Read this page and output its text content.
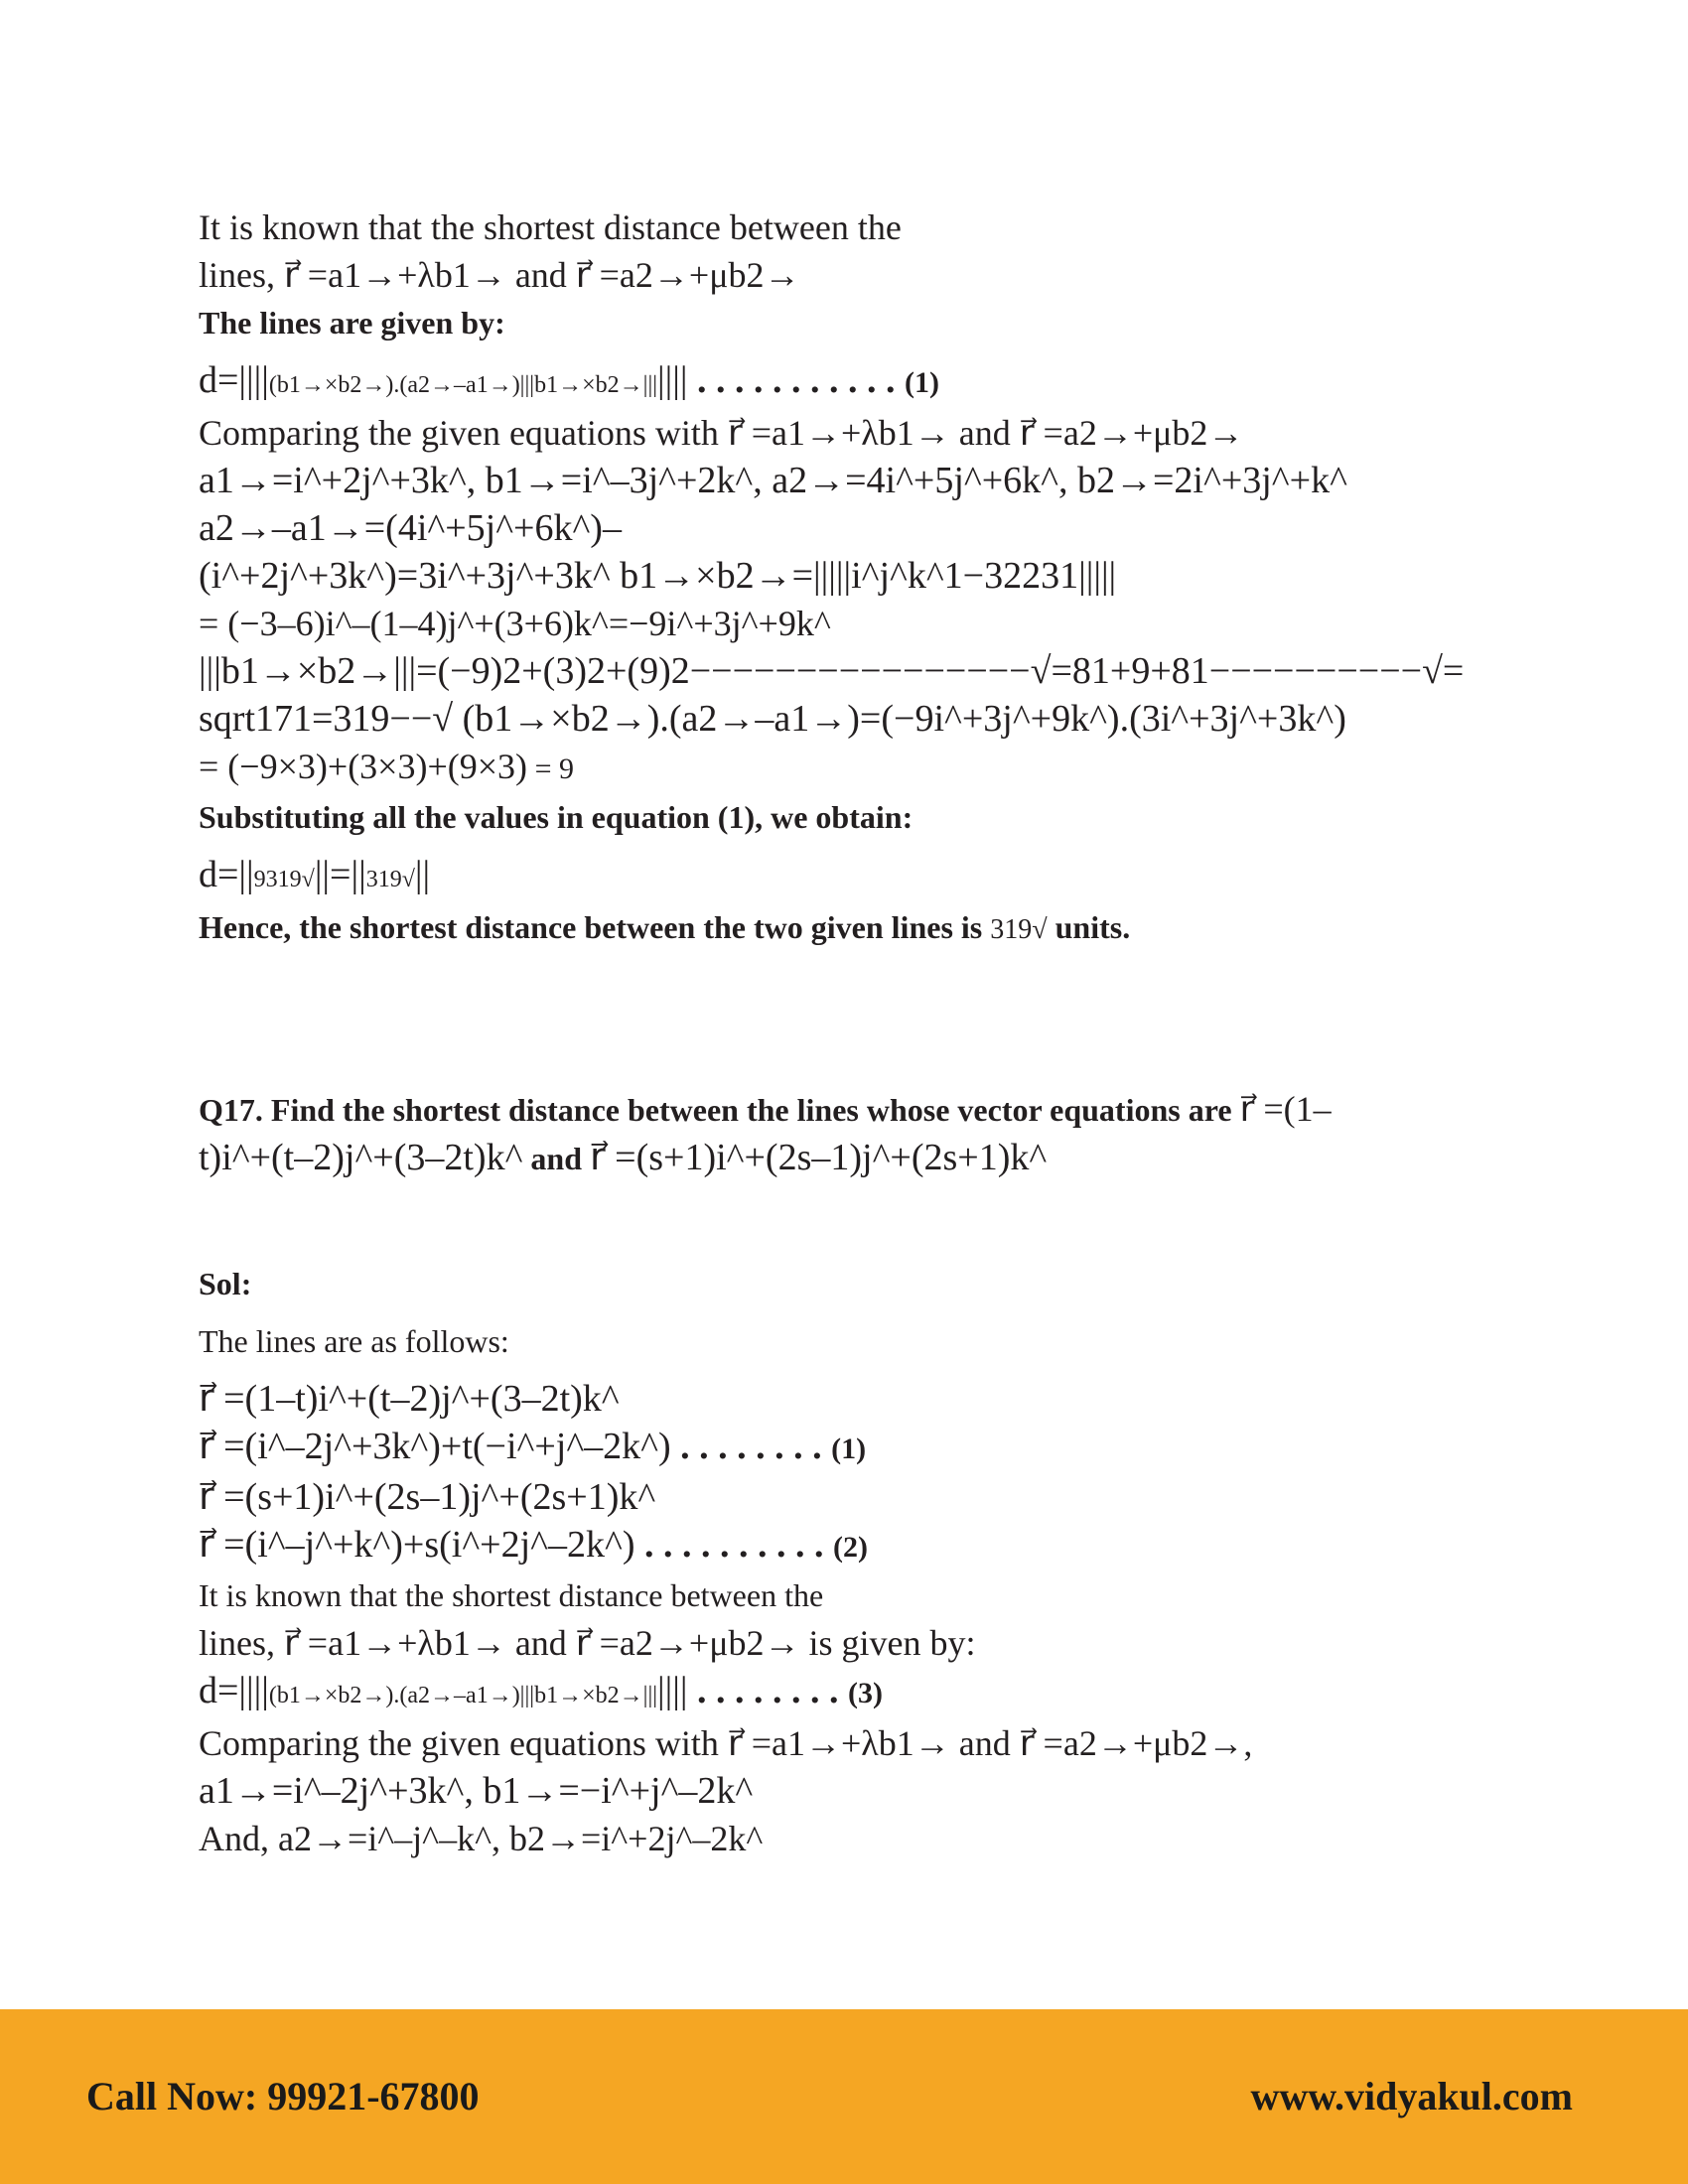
It is known that the shortest distance between the

lines, r⃗ =a1→+λb1→ and r⃗ =a2→+μb2→

The lines are given by:

d=||||(b1→×b2→).(a2→–a1→)|||b1→×b2→||||||| . . . . . . . . . . . (1)

Comparing the given equations with r⃗ =a1→+λb1→ and r⃗ =a2→+μb2→

a1→=i^+2j^+3k^, b1→=i^–3j^+2k^, a2→=4i^+5j^+6k^, b2→=2i^+3j^+k^

a2→–a1→=(4i^+5j^+6k^)–

(i^+2j^+3k^)=3i^+3j^+3k^ b1→×b2→=|||||i^j^k^1−32231|||||

= (−3–6)i^–(1–4)j^+(3+6)k^=−9i^+3j^+9k^

|||b1→×b2→|||=(−9)2+(3)2+(9)2−−−−−−−−−−−−−−−−√=81+9+81−−−−−−−−−−√=

sqrt171=319−−√ (b1→×b2→).(a2→–a1→)=(−9i^+3j^+9k^).(3i^+3j^+3k^)

= (−9×3)+(3×3)+(9×3) = 9

Substituting all the values in equation (1), we obtain:

d=||9319√||=||319√||

Hence, the shortest distance between the two given lines is 319√ units.

Q17. Find the shortest distance between the lines whose vector equations are r⃗ =(1–

t)i^+(t–2)j^+(3–2t)k^ and r⃗ =(s+1)i^+(2s–1)j^+(2s+1)k^

Sol:

The lines are as follows:

r⃗ =(1–t)i^+(t–2)j^+(3–2t)k^

r⃗ =(i^–2j^+3k^)+t(−i^+j^–2k^) . . . . . . . . (1)

r⃗ =(s+1)i^+(2s–1)j^+(2s+1)k^

r⃗ =(i^–j^+k^)+s(i^+2j^–2k^) . . . . . . . . . . (2)

It is known that the shortest distance between the

lines, r⃗ =a1→+λb1→ and r⃗ =a2→+μb2→ is given by:

d=||||(b1→×b2→).(a2→–a1→)|||b1→×b2→||||||| . . . . . . . . (3)

Comparing the given equations with r⃗ =a1→+λb1→ and r⃗ =a2→+μb2→,

a1→=i^–2j^+3k^, b1→=−i^+j^–2k^

And, a2→=i^–j^–k^, b2→=i^+2j^–2k^

Call Now: 99921-67800	www.vidyakul.com
